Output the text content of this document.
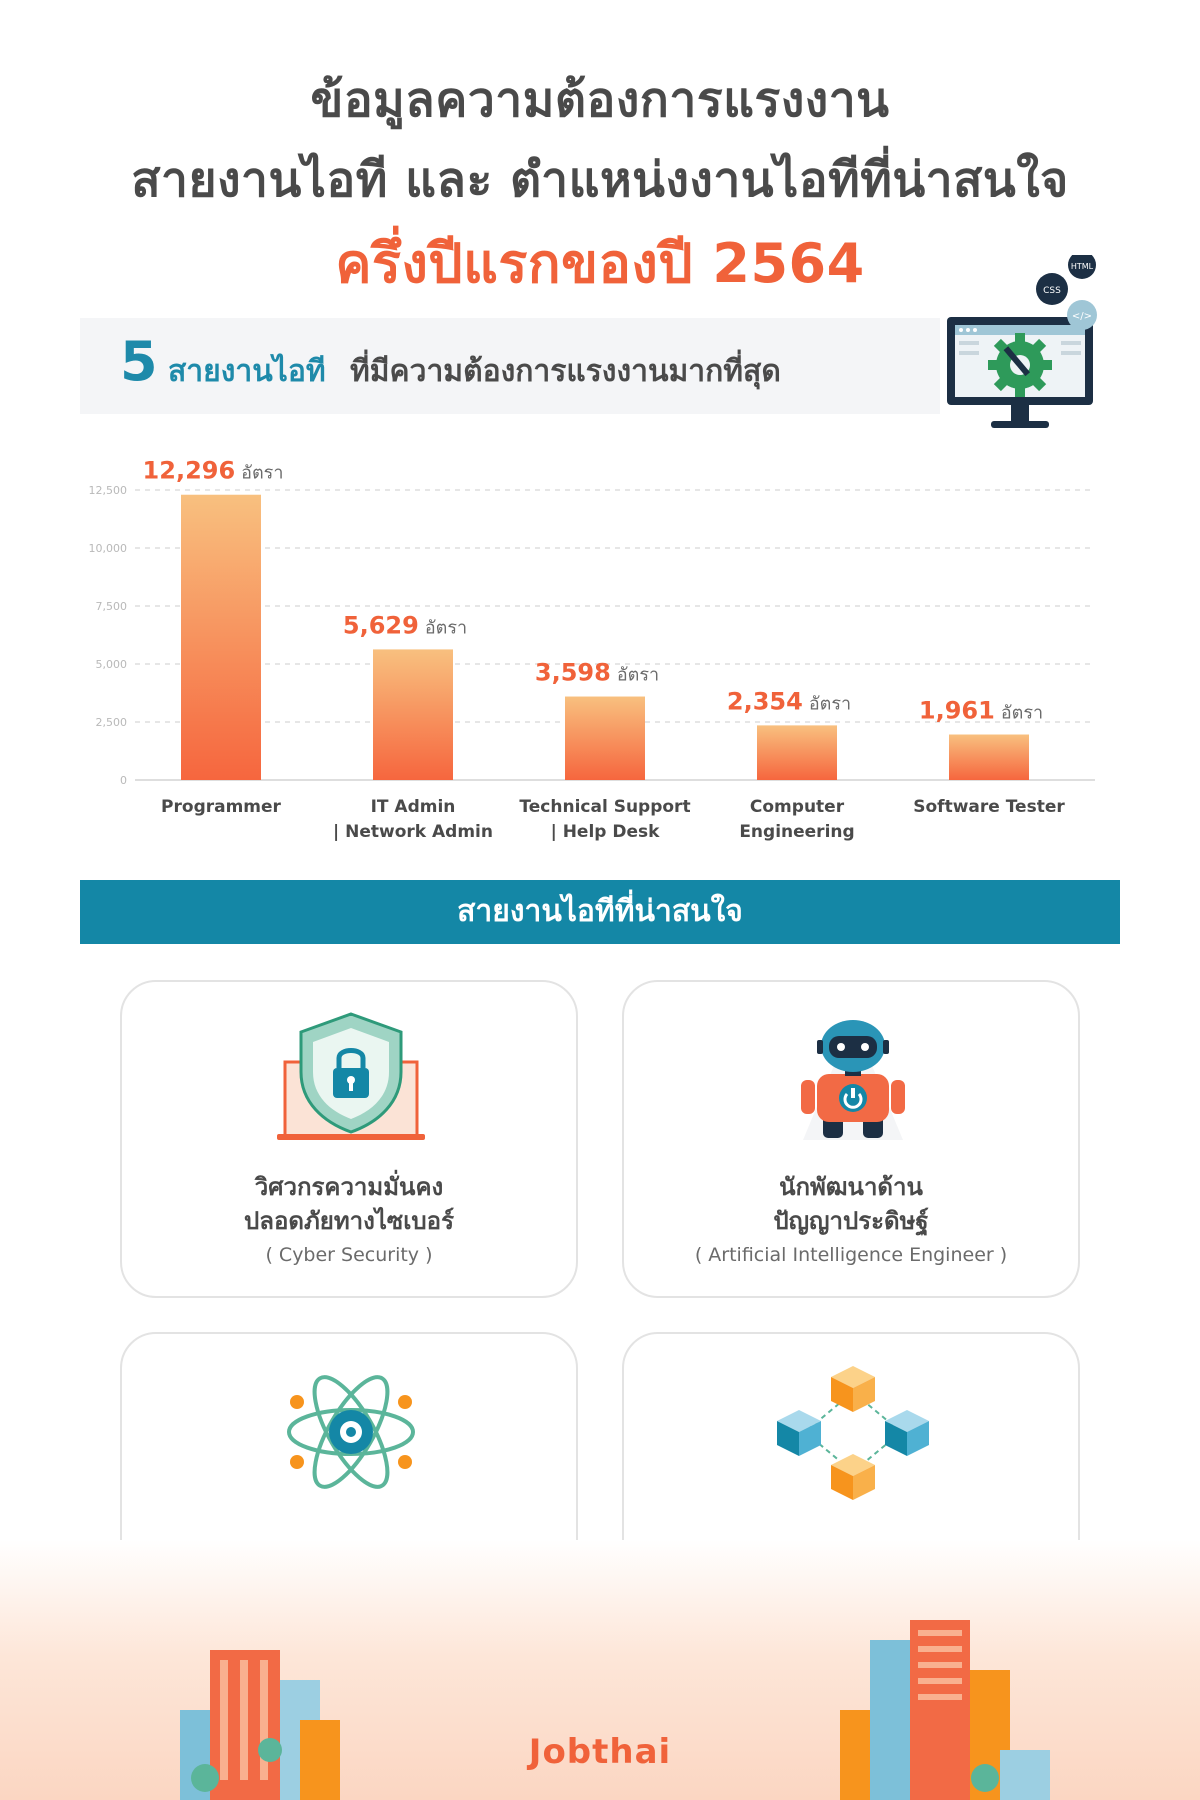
ข้อมูลความต้องการแรงงาน
สายงานไอที และ ตำแหน่งงานไอทีที่น่าสนใจ
ครึ่งปีแรกของปี 2564
5 สายงานไอที ที่มีความต้องการแรงงานมากที่สุด
HTML
CSS
</>
0
2,500
5,000
7,500
10,000
12,500
12,296 อัตรา
Programmer
5,629 อัตรา
IT Admin
| Network Admin
3,598 อัตรา
Technical Support
| Help Desk
2,354 อัตรา
Computer
Engineering
1,961 อัตรา
Software Tester
สายงานไอทีที่น่าสนใจ
วิศวกรความมั่นคง
ปลอดภัยทางไซเบอร์
( Cyber Security )
นักพัฒนาด้าน
ปัญญาประดิษฐ์
( Artificial Intelligence Engineer )
Jobthai
